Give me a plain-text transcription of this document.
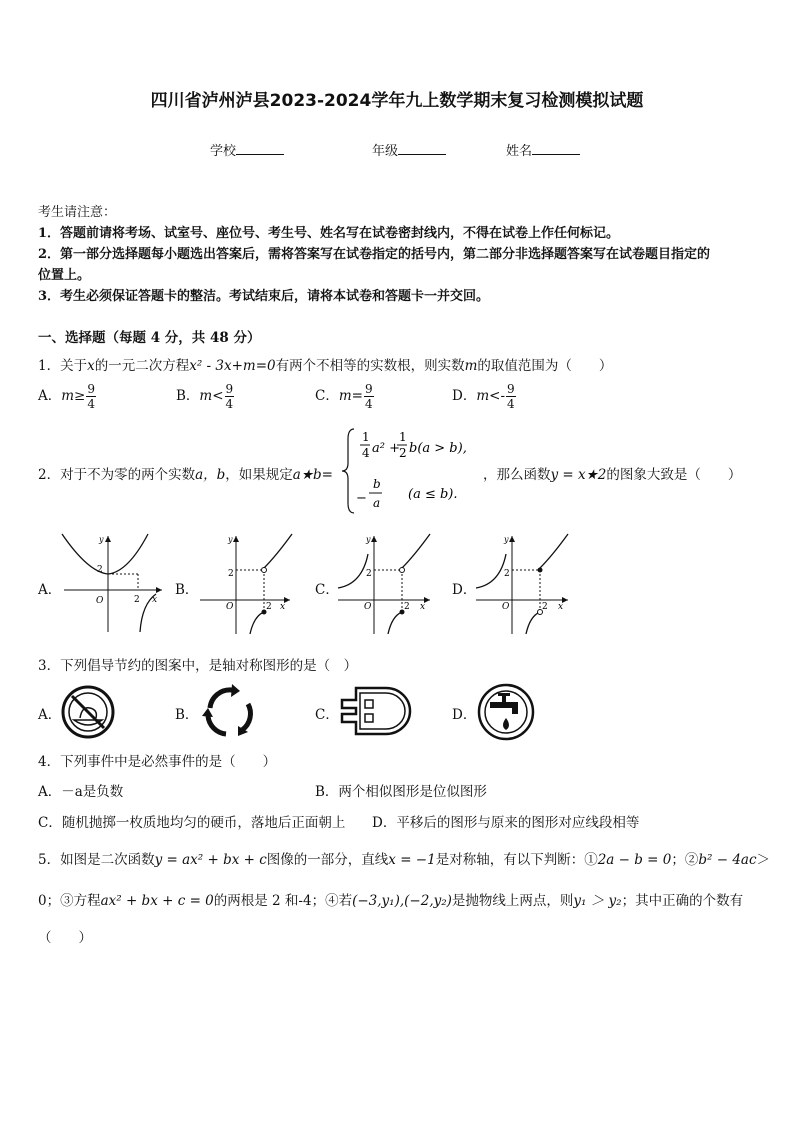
四川省泸州泸县2023-2024学年九上数学期末复习检测模拟试题
学校	年级	姓名
考生请注意：
1．答题前请将考场、试室号、座位号、考生号、姓名写在试卷密封线内，不得在试卷上作任何标记。
2．第一部分选择题每小题选出答案后，需将答案写在试卷指定的括号内，第二部分非选择题答案写在试卷题目指定的
位置上。
3．考生必须保证答题卡的整洁。考试结束后，请将本试卷和答题卡一并交回。
一、选择题（每题 4 分，共 48 分）
1．关于x的一元二次方程x² - 3x+m=0有两个不相等的实数根，则实数m的取值范围为（　　）
A．$m\ge \frac{9}{4}$	B．$m< \frac{9}{4}$	C．$m= \frac{9}{4}$	D．$m<- \frac{9}{4}$
2．对于不为零的两个实数a，b，如果规定a★b=
1
4 a² +
1
2 b(a > b),
−
b
a
(a ≤ b).
，那么函数y = x★2的图象大致是（　　）
A．
y
x
O
2
2
B．
y
x
O
2
2
C．
y
x
O
2
2
D．
y
x
O
2
2
3．下列倡导节约的图案中，是轴对称图形的是（　）
A．	B．	C．	D．
4．下列事件中是必然事件的是（　　）
A．－a是负数	B．两个相似图形是位似图形
C．随机抛掷一枚质地均匀的硬币，落地后正面朝上 D．平移后的图形与原来的图形对应线段相等
5．如图是二次函数y = ax² + bx + c图像的一部分，直线x = −1是对称轴，有以下判断：①2a − b = 0；②b² − 4ac＞
0；③方程ax² + bx + c = 0的两根是 2 和-4；④若(−3,y₁),(−2,y₂)是抛物线上两点，则y₁ ＞ y₂；其中正确的个数有
（　　）
